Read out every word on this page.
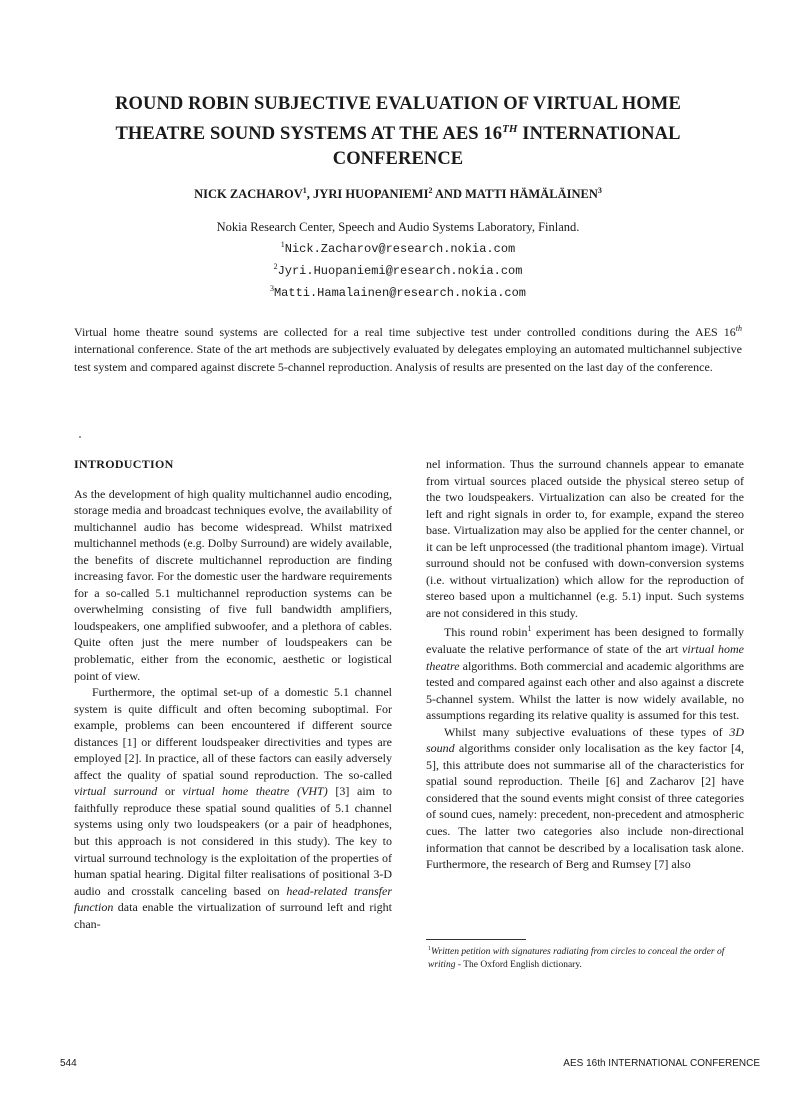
ROUND ROBIN SUBJECTIVE EVALUATION OF VIRTUAL HOME
THEATRE SOUND SYSTEMS AT THE AES 16TH INTERNATIONAL
CONFERENCE
NICK ZACHAROV$^1$, JYRI HUOPANIEMI$^2$ AND MATTI HÄMÄLÄINEN$^3$
Nokia Research Center, Speech and Audio Systems Laboratory, Finland.
$^1$Nick.Zacharov@research.nokia.com
$^2$Jyri.Huopaniemi@research.nokia.com
$^3$Matti.Hamalainen@research.nokia.com
Virtual home theatre sound systems are collected for a real time subjective test under controlled conditions during the AES 16th international conference. State of the art methods are subjectively evaluated by delegates employing an automated multichannel subjective test system and compared against discrete 5-channel reproduction. Analysis of results are presented on the last day of the conference.
INTRODUCTION

As the development of high quality multichannel audio encoding, storage media and broadcast techniques evolve, the availability of multichannel audio has become widespread. Whilst matrixed multichannel methods (e.g. Dolby Surround) are widely available, the benefits of discrete multichannel reproduction are finding increasing favor. For the domestic user the hardware requirements for a so-called 5.1 multichannel reproduction systems can be overwhelming consisting of five full bandwidth amplifiers, loudspeakers, one amplified subwoofer, and a plethora of cables. Quite often just the mere number of loudspeakers can be problematic, either from the economic, aesthetic or logistical point of view.

Furthermore, the optimal set-up of a domestic 5.1 channel system is quite difficult and often becoming suboptimal. For example, problems can been encountered if different source distances [1] or different loudspeaker directivities and types are employed [2]. In practice, all of these factors can easily adversely affect the quality of spatial sound reproduction. The so-called virtual surround or virtual home theatre (VHT) [3] aim to faithfully reproduce these spatial sound qualities of 5.1 channel systems using only two loudspeakers (or a pair of headphones, but this approach is not considered in this study). The key to virtual surround technology is the exploitation of the properties of human spatial hearing. Digital filter realisations of positional 3-D audio and crosstalk canceling based on head-related transfer function data enable the virtualization of surround left and right chan-

nel information. Thus the surround channels appear to emanate from virtual sources placed outside the physical stereo setup of the two loudspeakers. Virtualization can also be created for the left and right signals in order to, for example, expand the stereo base. Virtualization may also be applied for the center channel, or it can be left unprocessed (the traditional phantom image). Virtual surround should not be confused with down-conversion systems (i.e. without virtualization) which allow for the reproduction of stereo based upon a multichannel (e.g. 5.1) input. Such systems are not considered in this study.

This round robin$^1$ experiment has been designed to formally evaluate the relative performance of state of the art virtual home theatre algorithms. Both commercial and academic algorithms are tested and compared against each other and also against a discrete 5-channel system. Whilst the latter is now widely available, no assumptions regarding its relative quality is assumed for this test.

Whilst many subjective evaluations of these types of 3D sound algorithms consider only localisation as the key factor [4, 5], this attribute does not summarise all of the characteristics for spatial sound reproduction. Theile [6] and Zacharov [2] have considered that the sound events might consist of three categories of sound cues, namely: precedent, non-precedent and atmospheric cues. The latter two categories also include non-directional information that cannot be described by a localisation task alone. Furthermore, the research of Berg and Rumsey [7] also

$^1$Written petition with signatures radiating from circles to conceal the order of writing - The Oxford English dictionary.
544	AES 16th INTERNATIONAL CONFERENCE
